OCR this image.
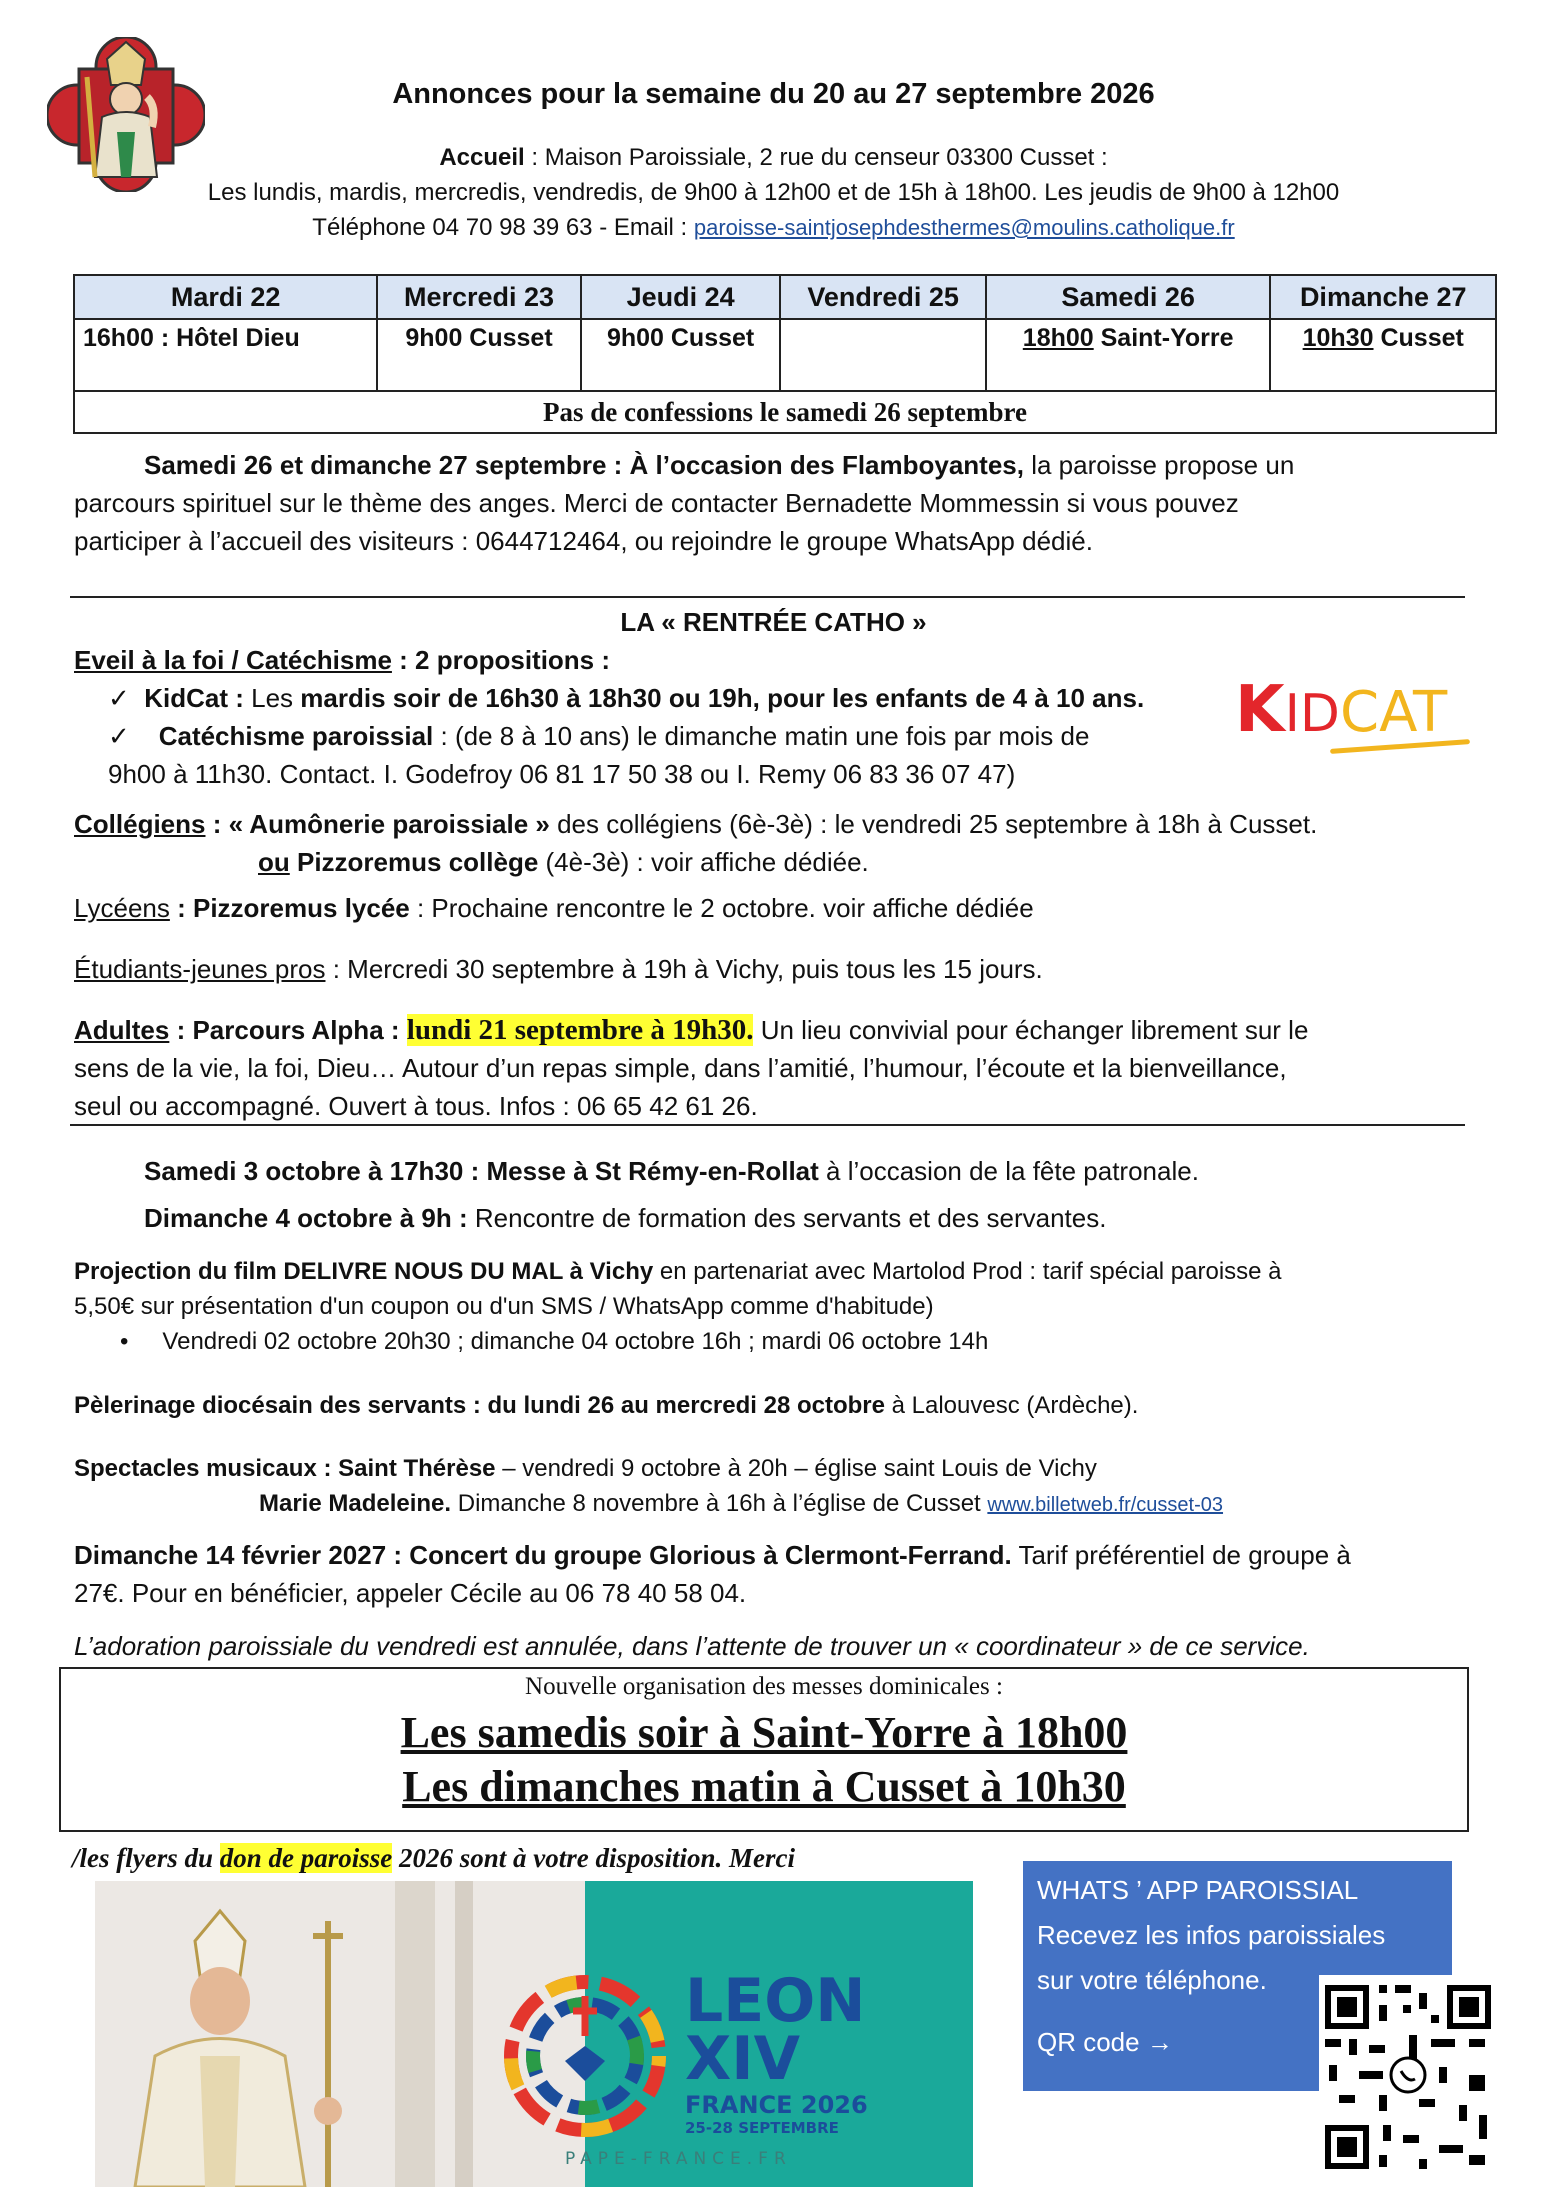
Annonces pour la semaine du 20 au 27 septembre 2026
Accueil : Maison Paroissiale, 2 rue du censeur 03300 Cusset :
Les lundis, mardis, mercredis, vendredis, de 9h00 à 12h00 et de 15h à 18h00. Les jeudis de 9h00 à 12h00
Téléphone 04 70 98 39 63 - Email : paroisse-saintjosephdesthermes@moulins.catholique.fr
Mardi 22	Mercredi 23	Jeudi 24	Vendredi 25	Samedi 26	Dimanche 27
16h00 : Hôtel Dieu	9h00 Cusset	9h00 Cusset		18h00 Saint-Yorre	10h30 Cusset
Pas de confessions le samedi 26 septembre					
Samedi 26 et dimanche 27 septembre : À l’occasion des Flamboyantes, la paroisse propose un
parcours spirituel sur le thème des anges. Merci de contacter Bernadette Mommessin si vous pouvez
participer à l’accueil des visiteurs : 0644712464, ou rejoindre le groupe WhatsApp dédié.
LA « RENTRÉE CATHO »
Eveil à la foi / Catéchisme : 2 propositions :
✓ KidCat : Les mardis soir de 16h30 à 18h30 ou 19h, pour les enfants de 4 à 10 ans.
✓ Catéchisme paroissial : (de 8 à 10 ans) le dimanche matin une fois par mois de
9h00 à 11h30. Contact. I. Godefroy 06 81 17 50 38 ou I. Remy 06 83 36 07 47)
KIDCAT
Collégiens : « Aumônerie paroissiale » des collégiens (6è-3è) : le vendredi 25 septembre à 18h à Cusset.
ou Pizzoremus collège (4è-3è) : voir affiche dédiée.
Lycéens : Pizzoremus lycée : Prochaine rencontre le 2 octobre. voir affiche dédiée
Étudiants-jeunes pros : Mercredi 30 septembre à 19h à Vichy, puis tous les 15 jours.
Adultes : Parcours Alpha : lundi 21 septembre à 19h30. Un lieu convivial pour échanger librement sur le
sens de la vie, la foi, Dieu… Autour d’un repas simple, dans l’amitié, l’humour, l’écoute et la bienveillance,
seul ou accompagné. Ouvert à tous. Infos : 06 65 42 61 26.
Samedi 3 octobre à 17h30 : Messe à St Rémy-en-Rollat à l’occasion de la fête patronale.
Dimanche 4 octobre à 9h : Rencontre de formation des servants et des servantes.
Projection du film DELIVRE NOUS DU MAL à Vichy en partenariat avec Martolod Prod : tarif spécial paroisse à
5,50€ sur présentation d'un coupon ou d'un SMS / WhatsApp comme d'habitude)
• Vendredi 02 octobre 20h30 ; dimanche 04 octobre 16h ; mardi 06 octobre 14h
Pèlerinage diocésain des servants : du lundi 26 au mercredi 28 octobre à Lalouvesc (Ardèche).
Spectacles musicaux : Saint Thérèse – vendredi 9 octobre à 20h – église saint Louis de Vichy
Marie Madeleine. Dimanche 8 novembre à 16h à l’église de Cusset www.billetweb.fr/cusset-03
Dimanche 14 février 2027 : Concert du groupe Glorious à Clermont-Ferrand. Tarif préférentiel de groupe à
27€. Pour en bénéficier, appeler Cécile au 06 78 40 58 04.
L’adoration paroissiale du vendredi est annulée, dans l’attente de trouver un « coordinateur » de ce service.
Nouvelle organisation des messes dominicales :
Les samedis soir à Saint-Yorre à 18h00
Les dimanches matin à Cusset à 10h30
/les flyers du don de paroisse 2026 sont à votre disposition. Merci
LEON
XIV
FRANCE 2026
25-28 SEPTEMBRE
PAPE-FRANCE.FR
WHATS ’ APP PAROISSIAL
Recevez les infos paroissiales
sur votre téléphone.
QR code →
